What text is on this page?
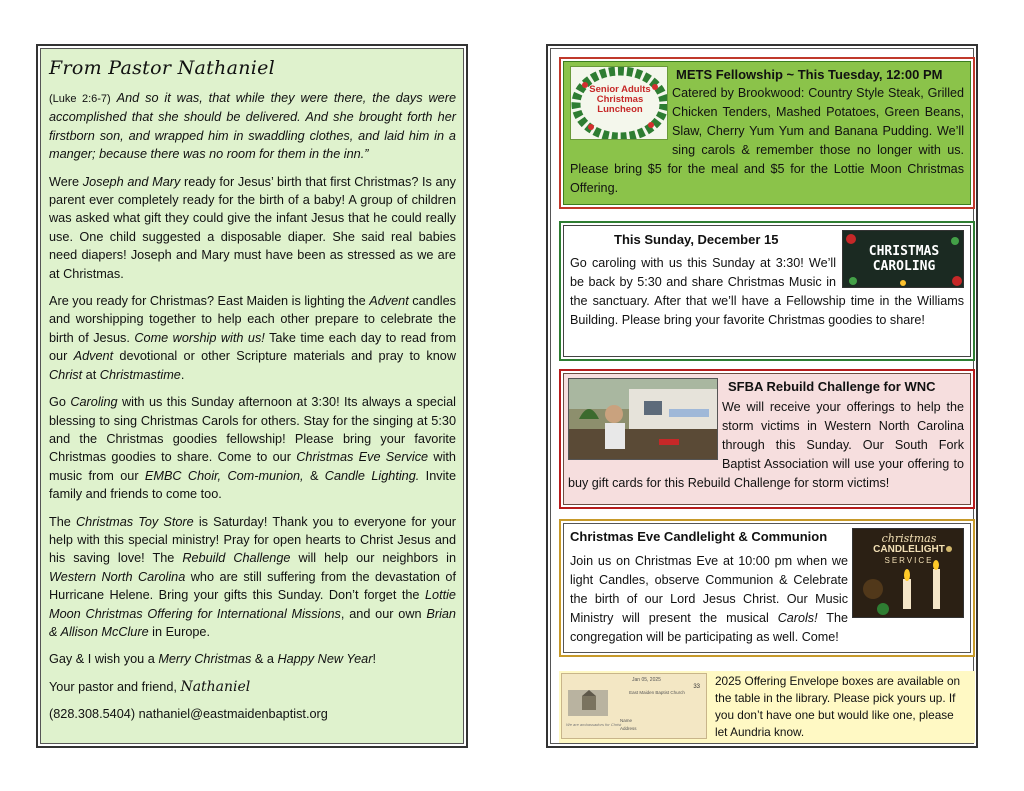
From Pastor Nathaniel

(Luke 2:6-7) And so it was, that while they were there, the days were accomplished that she should be delivered. And she brought forth her firstborn son, and wrapped him in swaddling clothes, and laid him in a manger; because there was no room for them in the inn.”

Were Joseph and Mary ready for Jesus’ birth that first Christmas? Is any parent ever completely ready for the birth of a baby! A group of children was asked what gift they could give the infant Jesus that he could really use. One child suggested a disposable diaper. She said real babies need diapers! Joseph and Mary must have been as stressed as we are at Christmas.

Are you ready for Christmas? East Maiden is lighting the Advent candles and worshipping together to help each other prepare to celebrate the birth of Jesus. Come worship with us! Take time each day to read from our Advent devotional or other Scripture materials and pray to know Christ at Christmastime.

Go Caroling with us this Sunday afternoon at 3:30! Its always a special blessing to sing Christmas Carols for others. Stay for the singing at 5:30 and the Christmas goodies fellowship! Please bring your favorite Christmas goodies to share. Come to our Christmas Eve Service with music from our EMBC Choir, Com-munion, & Candle Lighting. Invite family and friends to come too.

The Christmas Toy Store is Saturday! Thank you to everyone for your help with this special ministry! Pray for open hearts to Christ Jesus and his saving love! The Rebuild Challenge will help our neighbors in Western North Carolina who are still suffering from the devastation of Hurricane Helene. Bring your gifts this Sunday. Don’t forget the Lottie Moon Christmas Offering for International Missions, and our own Brian & Allison McClure in Europe.

Gay & I wish you a Merry Christmas & a Happy New Year!

Your pastor and friend, Nathaniel

(828.308.5404) nathaniel@eastmaidenbaptist.org

Senior Adults
Christmas
Luncheon
METS Fellowship ~ This Tuesday, 12:00 PM
Catered by Brookwood: Country Style Steak, Grilled Chicken Tenders, Mashed Potatoes, Green Beans, Slaw, Cherry Yum Yum and Banana Pudding. We’ll sing carols & remember those no longer with us. Please bring $5 for the meal and $5 for the Lottie Moon Christmas Offering.
CHRISTMAS
CAROLING
This Sunday, December 15
Go caroling with us this Sunday at 3:30! We’ll be back by 5:30 and share Christmas Music in the sanctuary. After that we’ll have a Fellowship time in the Williams Building. Please bring your favorite Christmas goodies to share!
SFBA Rebuild Challenge for WNC
We will receive your offerings to help the storm victims in Western North Carolina through this Sunday. Our South Fork Baptist Association will use your offering to buy gift cards for this Rebuild Challenge for storm victims!
christmas
CANDLELIGHT
SERVICE
Christmas Eve Candlelight & Communion
Join us on Christmas Eve at 10:00 pm when we light Candles, observe Communion & Celebrate the birth of our Lord Jesus Christ. Our Music Ministry will present the musical Carols! The congregation will be participating as well. Come!
Jan 05, 2025
33
East Maiden Baptist Church
We are ambassadors for Christ
Name
Address
2025 Offering Envelope boxes are available on the table in the library. Please pick yours up. If you don’t have one but would like one, please let Aundria know.
